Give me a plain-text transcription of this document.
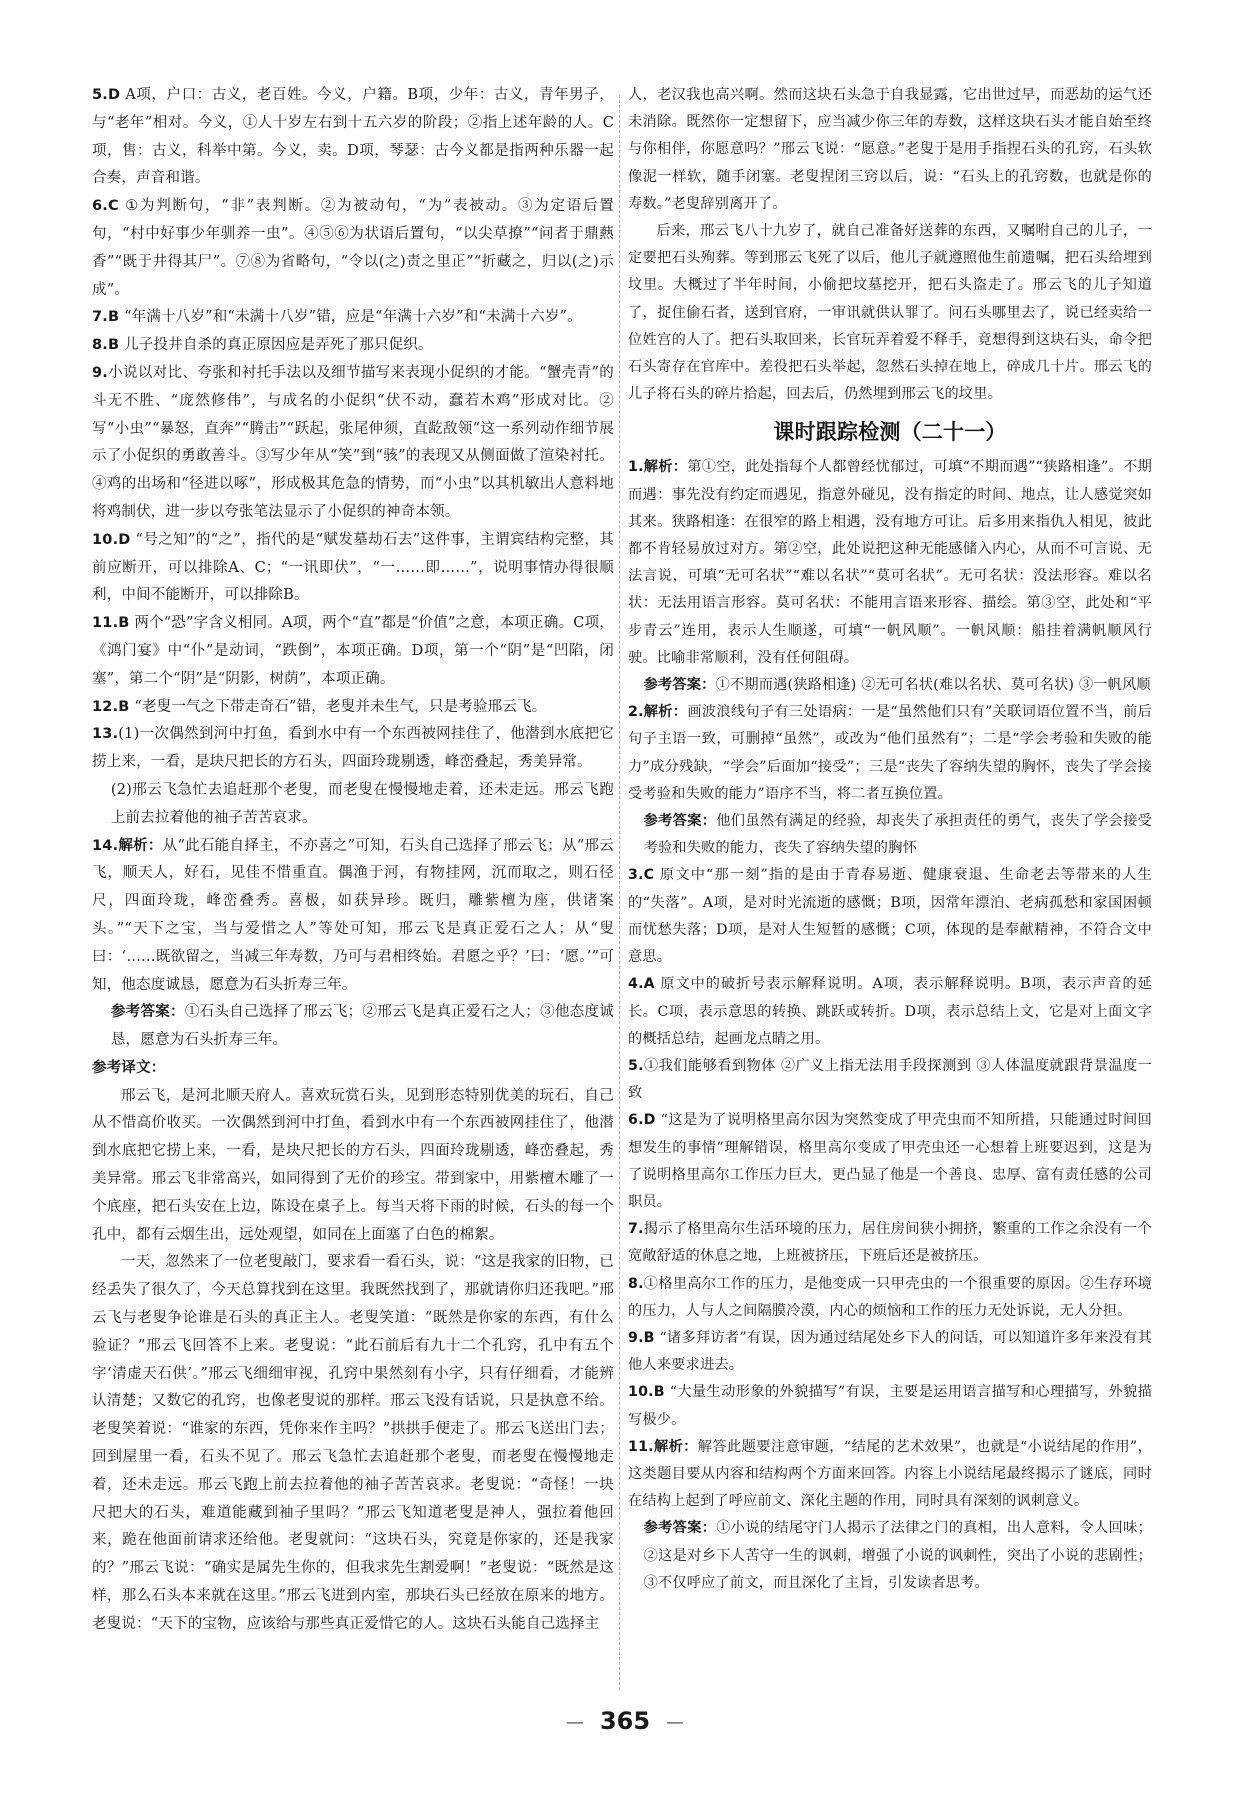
5.D A项，户口：古义，老百姓。今义，户籍。B项，少年：古义，青年男子，与“老年”相对。今义，①人十岁左右到十五六岁的阶段；②指上述年龄的人。C项，售：古义，科举中第。今义，卖。D项，琴瑟：古今义都是指两种乐器一起合奏，声音和谐。

6.C ①为判断句，“非”表判断。②为被动句，“为”表被动。③为定语后置句，“村中好事少年驯养一虫”。④⑤⑥为状语后置句，“以尖草撩”“问者于鼎爇香”“既于井得其尸”。⑦⑧为省略句，“令以(之)责之里正”“折藏之，归以(之)示成”。

7.B “年满十八岁”和“未满十八岁”错，应是“年满十六岁”和“未满十六岁”。

8.B 儿子投井自杀的真正原因应是弄死了那只促织。

9.小说以对比、夸张和衬托手法以及细节描写来表现小促织的才能。“蟹壳青”的斗无不胜、“庞然修伟”，与成名的小促织“伏不动，蠢若木鸡”形成对比。②写“小虫”“暴怒，直奔”“腾击”“跃起，张尾伸须，直龁敌领”这一系列动作细节展示了小促织的勇敢善斗。③写少年从“笑”到“骇”的表现又从侧面做了渲染衬托。④鸡的出场和“径进以啄”，形成极其危急的情势，而“小虫”以其机敏出人意料地将鸡制伏，进一步以夸张笔法显示了小促织的神奇本领。

10.D “号之知”的“之”，指代的是“赋发墓劫石去”这件事，主谓宾结构完整，其前应断开，可以排除A、C；“一讯即伏”，“一……即……”，说明事情办得很顺利，中间不能断开，可以排除B。

11.B 两个“恐”字含义相同。A项，两个“直”都是“价值”之意，本项正确。C项，《鸿门宴》中“仆”是动词，“跌倒”，本项正确。D项，第一个“阴”是“凹陷，闭塞”，第二个“阴”是“阴影，树荫”，本项正确。

12.B “老叟一气之下带走奇石”错，老叟并未生气，只是考验邢云飞。

13.(1)一次偶然到河中打鱼，看到水中有一个东西被网挂住了，他潜到水底把它捞上来，一看，是块尺把长的方石头，四面玲珑剔透，峰峦叠起，秀美异常。

(2)邢云飞急忙去追赶那个老叟，而老叟在慢慢地走着，还未走远。邢云飞跑上前去拉着他的袖子苦苦哀求。

14.解析：从“此石能自择主，不亦喜之”可知，石头自己选择了邢云飞；从“邢云飞，顺天人，好石，见佳不惜重直。偶渔于河，有物挂网，沉而取之，则石径尺，四面玲珑，峰峦叠秀。喜极，如获异珍。既归，雕紫檀为座，供诸案头。”“天下之宝，当与爱惜之人”等处可知，邢云飞是真正爱石之人；从“叟曰：‘……既欲留之，当减三年寿数，乃可与君相终始。君愿之乎？’曰：‘愿。’”可知，他态度诚恳，愿意为石头折寿三年。

参考答案：①石头自己选择了邢云飞；②邢云飞是真正爱石之人；③他态度诚恳，愿意为石头折寿三年。

参考译文：

邢云飞，是河北顺天府人。喜欢玩赏石头，见到形态特别优美的玩石，自己从不惜高价收买。一次偶然到河中打鱼，看到水中有一个东西被网挂住了，他潜到水底把它捞上来，一看，是块尺把长的方石头，四面玲珑剔透，峰峦叠起，秀美异常。邢云飞非常高兴，如同得到了无价的珍宝。带到家中，用紫檀木雕了一个底座，把石头安在上边，陈设在桌子上。每当天将下雨的时候，石头的每一个孔中，都有云烟生出，远处观望，如同在上面塞了白色的棉絮。

一天，忽然来了一位老叟敲门，要求看一看石头，说：“这是我家的旧物，已经丢失了很久了，今天总算找到在这里。我既然找到了，那就请你归还我吧。”邢云飞与老叟争论谁是石头的真正主人。老叟笑道：“既然是你家的东西，有什么验证？”邢云飞回答不上来。老叟说：“此石前后有九十二个孔窍，孔中有五个字‘清虚天石供’。”邢云飞细细审视，孔窍中果然刻有小字，只有仔细看，才能辨认清楚；又数它的孔窍，也像老叟说的那样。邢云飞没有话说，只是执意不给。老叟笑着说：“谁家的东西，凭你来作主吗？”拱拱手便走了。邢云飞送出门去；回到屋里一看，石头不见了。邢云飞急忙去追赶那个老叟，而老叟在慢慢地走着，还未走远。邢云飞跑上前去拉着他的袖子苦苦哀求。老叟说：“奇怪！一块尺把大的石头，难道能藏到袖子里吗？”邢云飞知道老叟是神人，强拉着他回来，跪在他面前请求还给他。老叟就问：“这块石头，究竟是你家的，还是我家的？”邢云飞说：“确实是属先生你的，但我求先生割爱啊！”老叟说：“既然是这样，那么石头本来就在这里。”邢云飞进到内室，那块石头已经放在原来的地方。老叟说：“天下的宝物，应该给与那些真正爱惜它的人。这块石头能自己选择主

人，老汉我也高兴啊。然而这块石头急于自我显露，它出世过早，而恶劫的运气还未消除。既然你一定想留下，应当减少你三年的寿数，这样这块石头才能自始至终与你相伴，你愿意吗？”邢云飞说：“愿意。”老叟于是用手指捏石头的孔窍，石头软像泥一样软，随手闭塞。老叟捏闭三窍以后，说：“石头上的孔窍数，也就是你的寿数。”老叟辞别离开了。

后来，邢云飞八十九岁了，就自己准备好送葬的东西，又嘱咐自己的儿子，一定要把石头殉葬。等到邢云飞死了以后，他儿子就遵照他生前遗嘱，把石头给埋到坟里。大概过了半年时间，小偷把坟墓挖开，把石头盗走了。邢云飞的儿子知道了，捉住偷石者，送到官府，一审讯就供认罪了。问石头哪里去了，说已经卖给一位姓宫的人了。把石头取回来，长官玩弄着爱不释手，竟想得到这块石头，命令把石头寄存在官库中。差役把石头举起，忽然石头掉在地上，碎成几十片。邢云飞的儿子将石头的碎片拾起，回去后，仍然埋到邢云飞的坟里。

课时跟踪检测（二十一）

1.解析：第①空，此处指每个人都曾经忧郁过，可填“不期而遇”“狭路相逢”。不期而遇：事先没有约定而遇见，指意外碰见，没有指定的时间、地点，让人感觉突如其来。狭路相逢：在很窄的路上相遇，没有地方可让。后多用来指仇人相见，彼此都不肯轻易放过对方。第②空，此处说把这种无能感储入内心，从而不可言说、无法言说，可填“无可名状”“难以名状”“莫可名状”。无可名状：没法形容。难以名状：无法用语言形容。莫可名状：不能用言语来形容、描绘。第③空，此处和“平步青云”连用，表示人生顺遂，可填“一帆风顺”。一帆风顺：船挂着满帆顺风行驶。比喻非常顺利，没有任何阻碍。

参考答案：①不期而遇(狭路相逢) ②无可名状(难以名状、莫可名状) ③一帆风顺

2.解析：画波浪线句子有三处语病：一是“虽然他们只有”关联词语位置不当，前后句子主语一致，可删掉“虽然”，或改为“他们虽然有”；二是“学会考验和失败的能力”成分残缺，“学会”后面加“接受”；三是“丧失了容纳失望的胸怀，丧失了学会接受考验和失败的能力”语序不当，将二者互换位置。

参考答案：他们虽然有满足的经验，却丧失了承担责任的勇气，丧失了学会接受考验和失败的能力，丧失了容纳失望的胸怀

3.C 原文中“那一刻”指的是由于青春易逝、健康衰退、生命老去等带来的人生的“失落”。A项，是对时光流逝的感慨；B项，因常年漂泊、老病孤愁和家国困顿而忧愁失落；D项，是对人生短暂的感慨；C项，体现的是奉献精神，不符合文中意思。

4.A 原文中的破折号表示解释说明。A项，表示解释说明。B项，表示声音的延长。C项，表示意思的转换、跳跃或转折。D项，表示总结上文，它是对上面文字的概括总结，起画龙点睛之用。

5.①我们能够看到物体 ②广义上指无法用手段探测到 ③人体温度就跟背景温度一致

6.D “这是为了说明格里高尔因为突然变成了甲壳虫而不知所措，只能通过时间回想发生的事情”理解错误，格里高尔变成了甲壳虫还一心想着上班要迟到，这是为了说明格里高尔工作压力巨大，更凸显了他是一个善良、忠厚、富有责任感的公司职员。

7.揭示了格里高尔生活环境的压力，居住房间狭小拥挤，繁重的工作之余没有一个宽敞舒适的休息之地，上班被挤压，下班后还是被挤压。

8.①格里高尔工作的压力，是他变成一只甲壳虫的一个很重要的原因。②生存环境的压力，人与人之间隔膜冷漠，内心的烦恼和工作的压力无处诉说，无人分担。

9.B “诸多拜访者”有误，因为通过结尾处乡下人的问话，可以知道许多年来没有其他人来要求进去。

10.B “大量生动形象的外貌描写”有误，主要是运用语言描写和心理描写，外貌描写极少。

11.解析：解答此题要注意审题，“结尾的艺术效果”，也就是“小说结尾的作用”，这类题目要从内容和结构两个方面来回答。内容上小说结尾最终揭示了谜底，同时在结构上起到了呼应前文、深化主题的作用，同时具有深刻的讽刺意义。

参考答案：①小说的结尾守门人揭示了法律之门的真相，出人意料，令人回味；②这是对乡下人苦守一生的讽刺，增强了小说的讽刺性，突出了小说的悲剧性；③不仅呼应了前文，而且深化了主旨，引发读者思考。

— 365 —
